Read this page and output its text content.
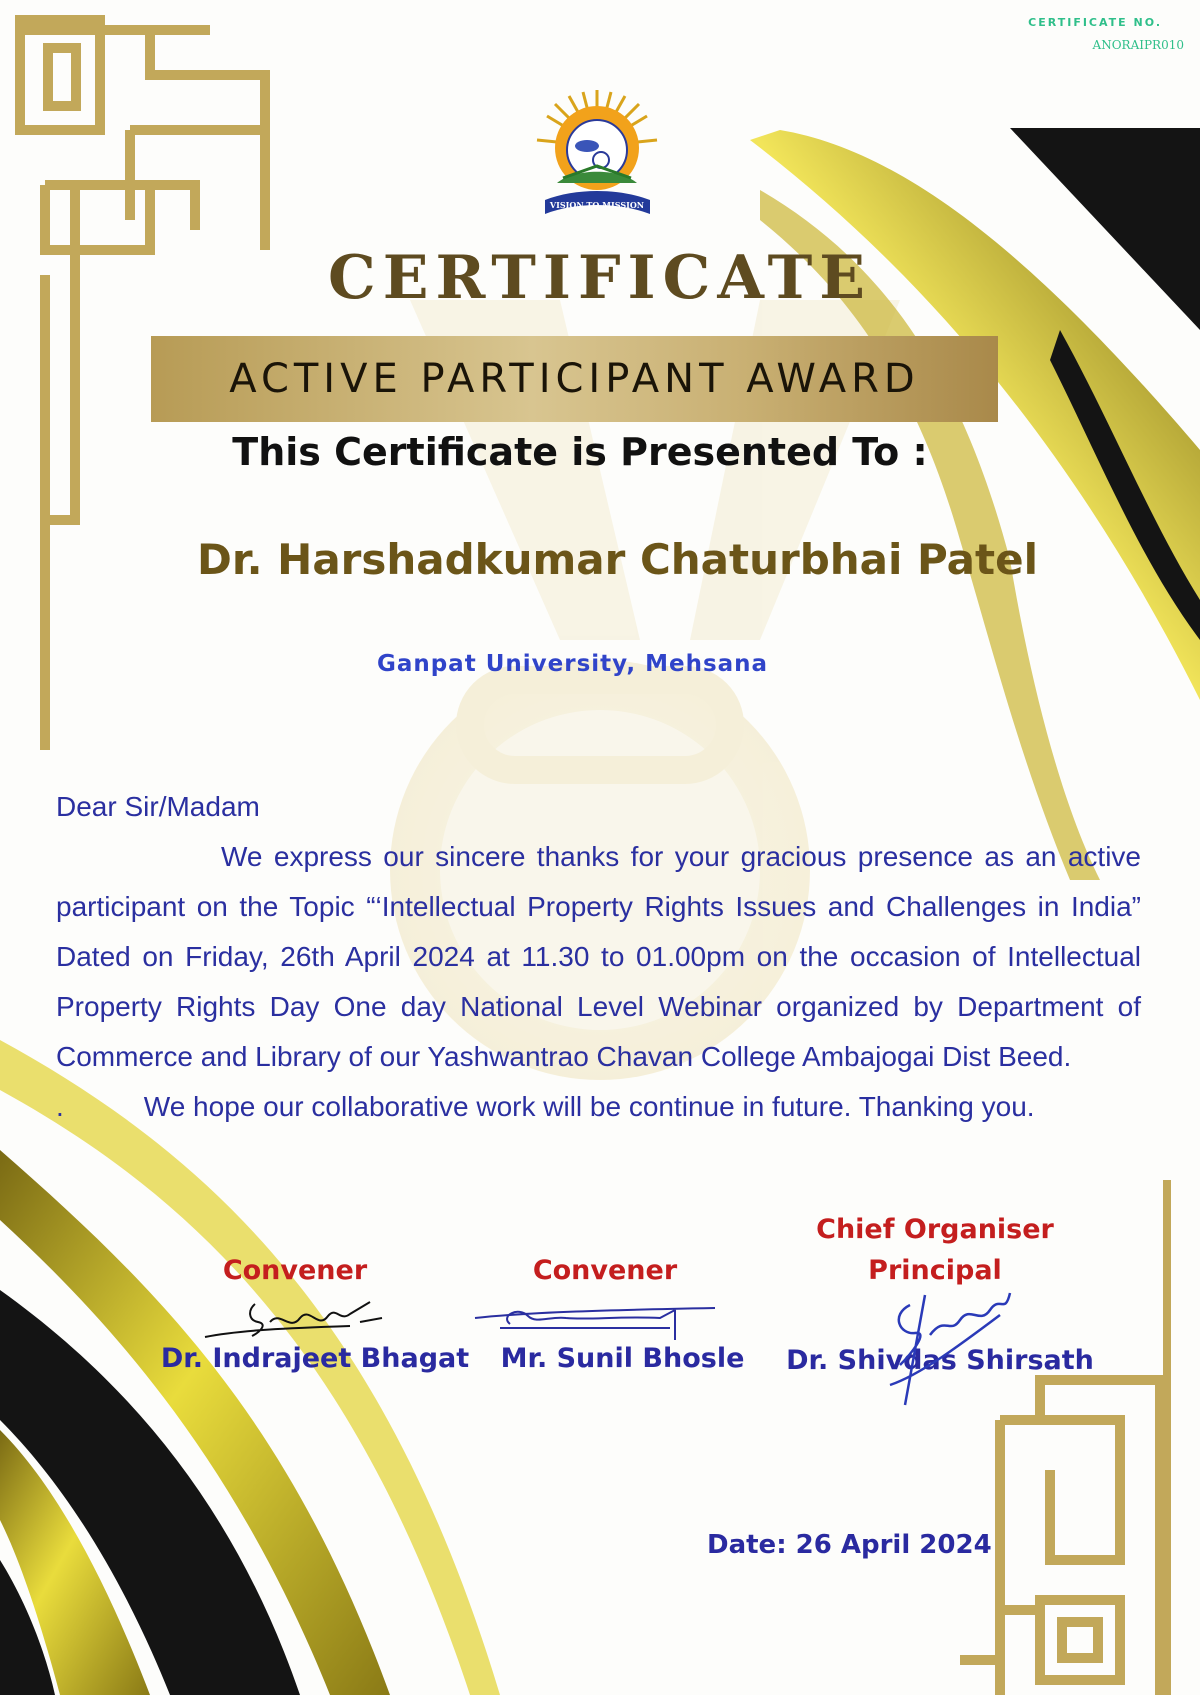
CERTIFICATE NO.
ANORAIPR010
VISION TO MISSION
CERTIFICATE
ACTIVE PARTICIPANT AWARD
This Certificate is Presented To :
Dr. Harshadkumar Chaturbhai Patel
Ganpat University, Mehsana

Dear Sir/Madam

We express our sincere thanks for your gracious presence as an active participant on the Topic “‘Intellectual Property Rights Issues and Challenges in India” Dated on Friday, 26th April 2024 at 11.30 to 01.00pm on the occasion of Intellectual Property Rights Day One day National Level Webinar organized by Department of Commerce and Library of our Yashwantrao Chavan College Ambajogai Dist Beed.

.	We hope our collaborative work will be continue in future. Thanking you.

Convener
Dr. Indrajeet Bhagat
Convener
Mr. Sunil Bhosle
Chief Organiser
Principal
Dr. Shivdas Shirsath
Date: 26 April 2024
